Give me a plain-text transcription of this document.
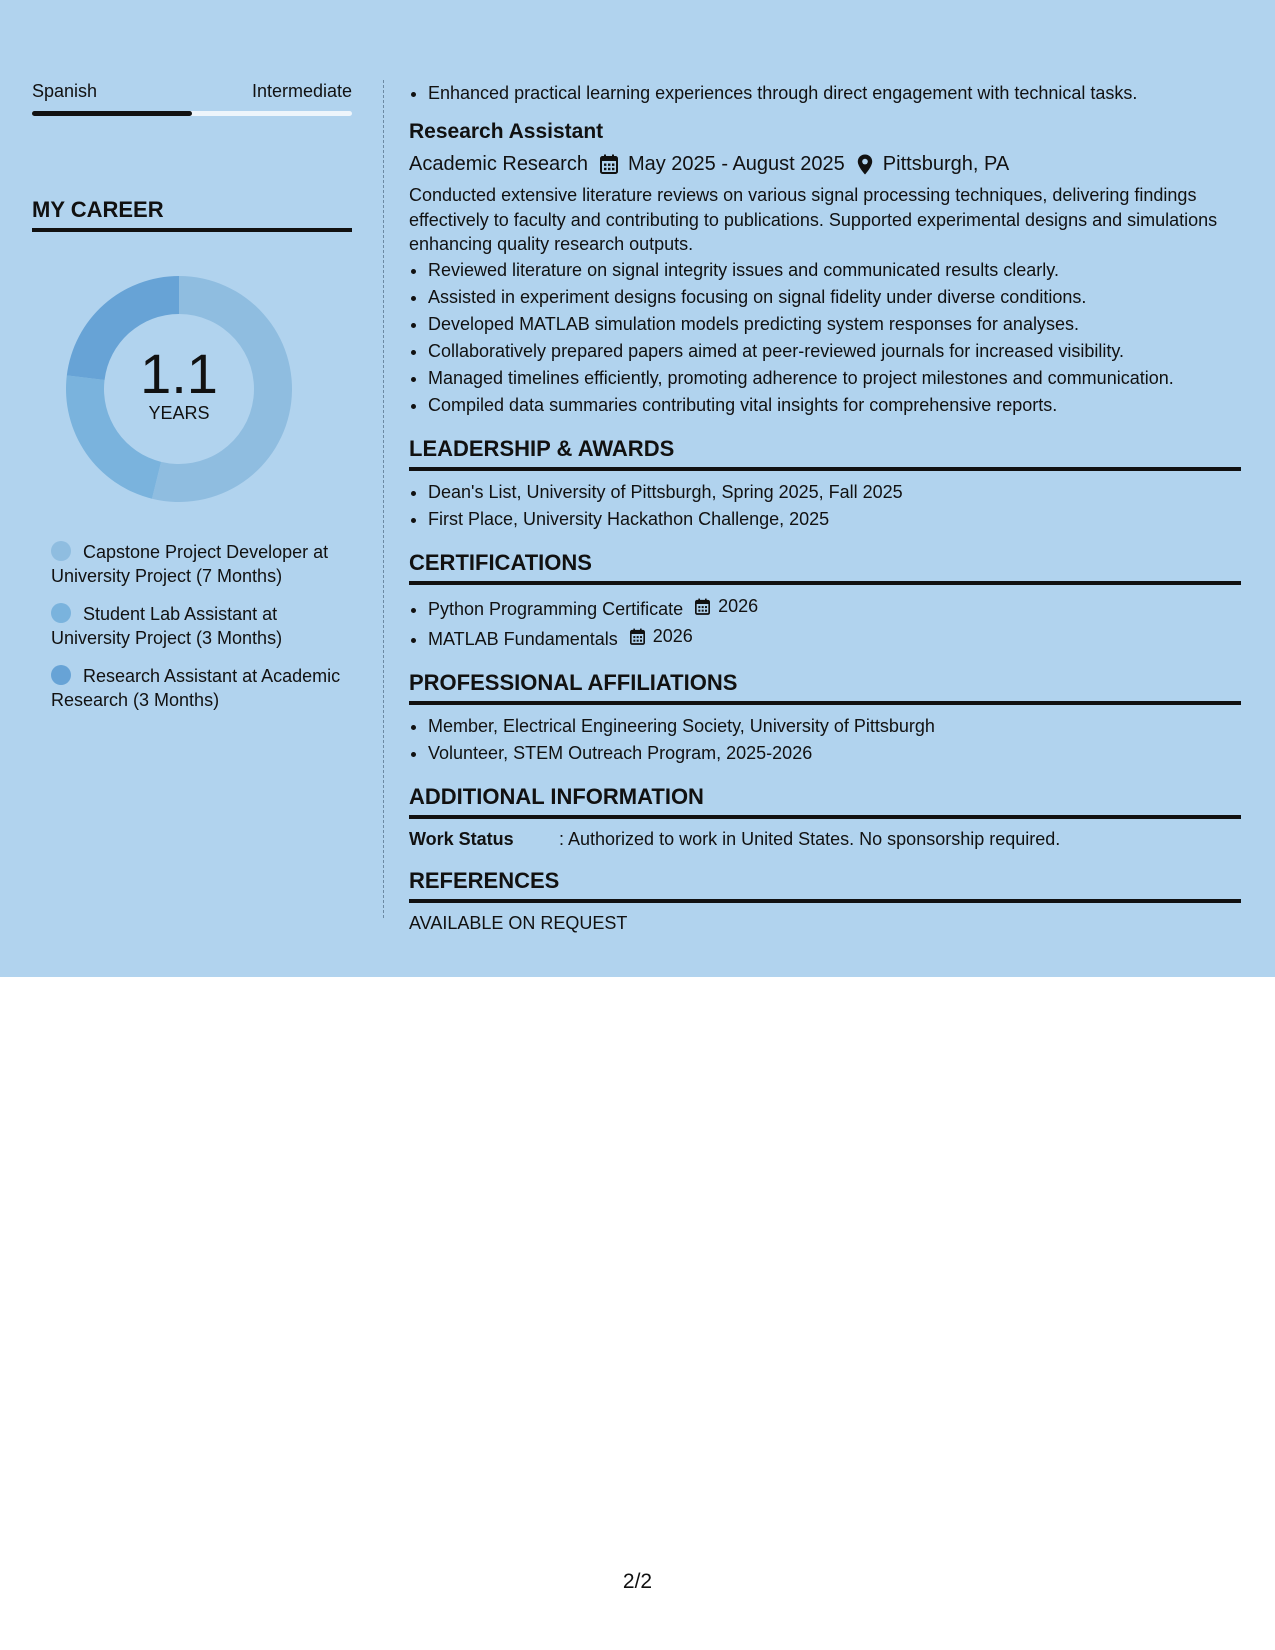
Spanish	Intermediate
MY CAREER
1.1
YEARS
Capstone Project Developer at University Project (7 Months)
Student Lab Assistant at University Project (3 Months)
Research Assistant at Academic Research (3 Months)
• Enhanced practical learning experiences through direct engagement with technical tasks.
Research Assistant
Academic Research May 2025 - August 2025 Pittsburgh, PA
Conducted extensive literature reviews on various signal processing techniques, delivering findings effectively to faculty and contributing to publications. Supported experimental designs and simulations enhancing quality research outputs.
• Reviewed literature on signal integrity issues and communicated results clearly.
• Assisted in experiment designs focusing on signal fidelity under diverse conditions.
• Developed MATLAB simulation models predicting system responses for analyses.
• Collaboratively prepared papers aimed at peer-reviewed journals for increased visibility.
• Managed timelines efficiently, promoting adherence to project milestones and communication.
• Compiled data summaries contributing vital insights for comprehensive reports.
LEADERSHIP & AWARDS
• Dean's List, University of Pittsburgh, Spring 2025, Fall 2025
• First Place, University Hackathon Challenge, 2025
CERTIFICATIONS
• Python Programming Certificate 2026
• MATLAB Fundamentals 2026
PROFESSIONAL AFFILIATIONS
• Member, Electrical Engineering Society, University of Pittsburgh
• Volunteer, STEM Outreach Program, 2025-2026
ADDITIONAL INFORMATION
Work Status	: Authorized to work in United States. No sponsorship required.
REFERENCES
AVAILABLE ON REQUEST
2/2
